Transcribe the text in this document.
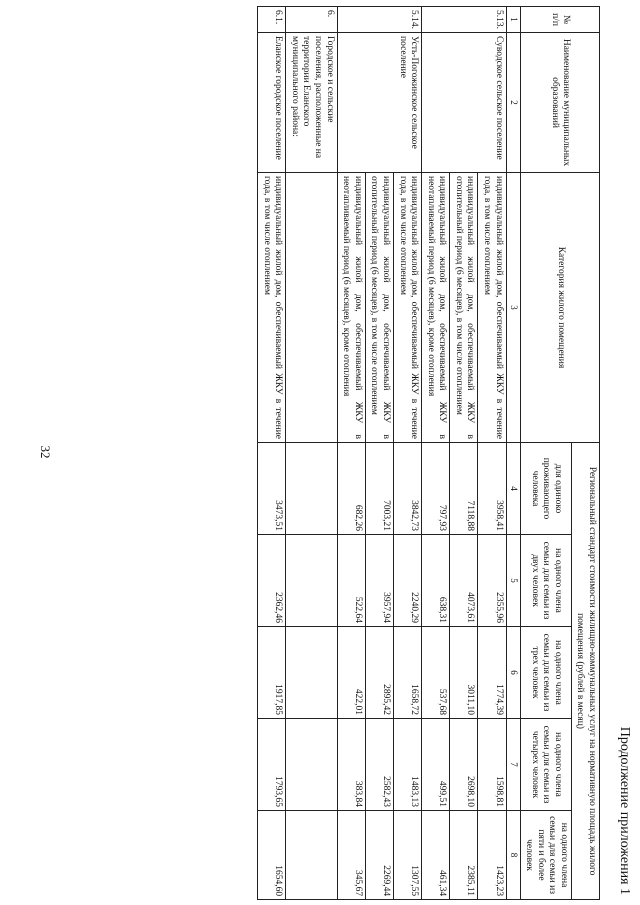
32
Продолжение приложения 1
№ п/п	Наименование муниципальных образований	Категория жилого помещения	Региональный стандарт стоимости жилищно-коммунальных услуг на нормативную площадь жилого помещения (рублей в месяц)				
			для одиноко проживающего человека	на одного члена семьи для семьи из двух человек	на одного члена семьи для семьи из трех человек	на одного члена семьи для семьи из четырех человек	на одного члена семьи для семьи из пяти и более человек
1	2	3	4	5	6	7	8
5.13.	Суводское сельское поселение	индивидуальный жилой дом, обеспечиваемый ЖКУ в течение года, в том числе отоплением	3958,41	2355,96	1774,39	1598,81	1423,23
		индивидуальный жилой дом, обеспечиваемый ЖКУ в отопительный период (6 месяцев), в том числе отоплением	7118,88	4073,61	3011,10	2698,10	2385,11
		индивидуальный жилой дом, обеспечиваемый ЖКУ в неотапливаемый период (6 месяцев), кроме отопления	797,93	638,31	537,68	499,51	461,34
5.14.	Усть-Погожинское сельское поселение	индивидуальный жилой дом, обеспечиваемый ЖКУ в течение года, в том числе отоплением	3842,73	2240,29	1658,72	1483,13	1307,55
		индивидуальный жилой дом, обеспечиваемый ЖКУ в отопительный период (6 месяцев), в том числе отоплением	7003,21	3957,94	2895,42	2582,43	2269,44
		индивидуальный жилой дом, обеспечиваемый ЖКУ в неотапливаемый период (6 месяцев), кроме отопления	682,26	522,64	422,01	383,84	345,67
6.	Городское и сельские поселения, расположенные на территории Еланского муниципального района:						
6.1.	Еланское городское поселение	индивидуальный жилой дом, обеспечиваемый ЖКУ в течение года, в том числе отоплением	3473,51	2362,46	1917,85	1793,65	1654,60
